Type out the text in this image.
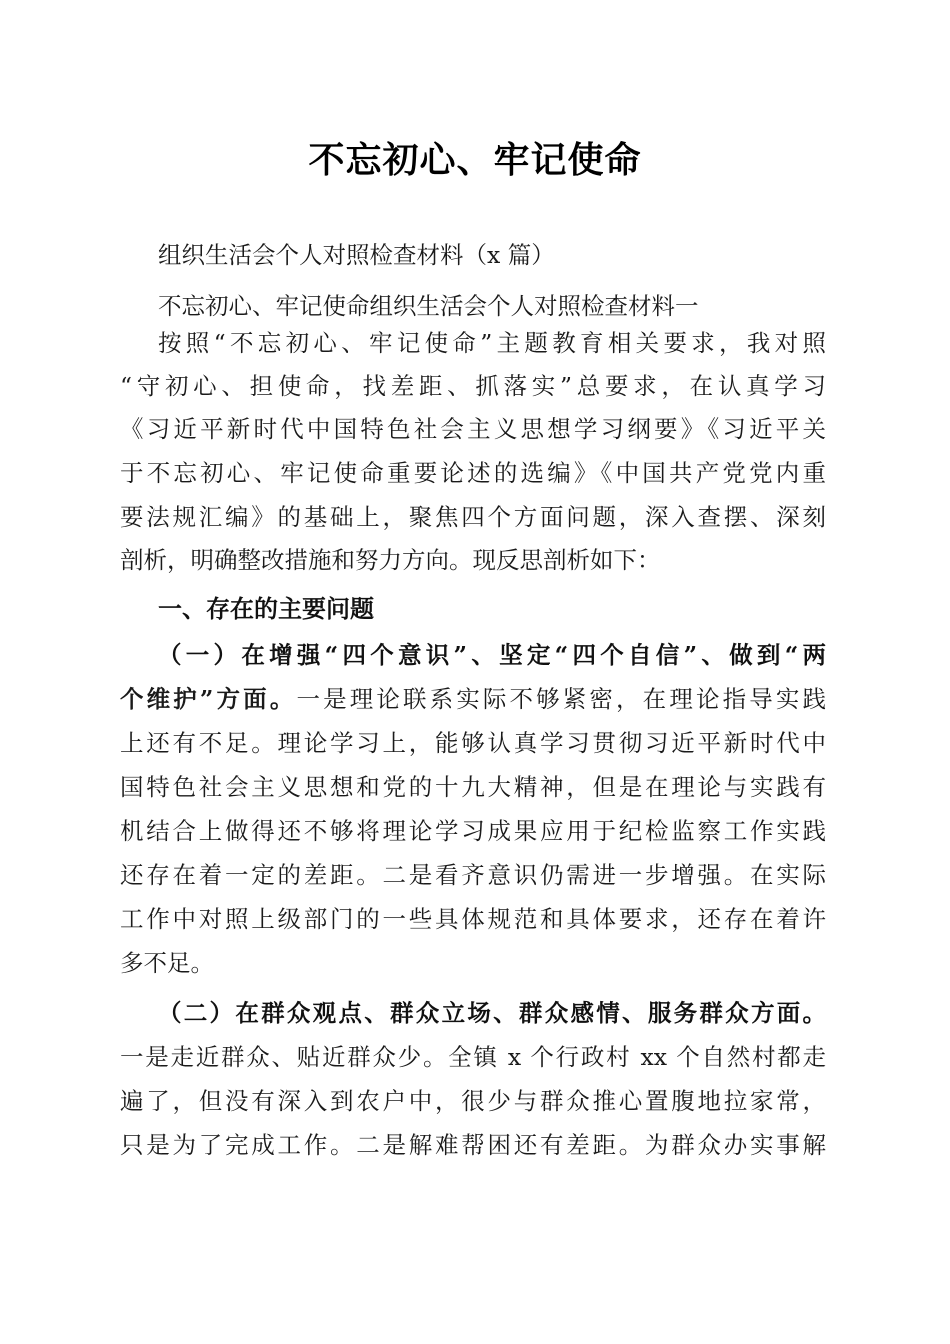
不忘初心、牢记使命
组织生活会个人对照检查材料（x 篇）
不忘初心、牢记使命组织生活会个人对照检查材料一
按照“不忘初心、牢记使命”主题教育相关要求，我对照
“守初心、担使命，找差距、抓落实”总要求，在认真学习
《习近平新时代中国特色社会主义思想学习纲要》《习近平关
于不忘初心、牢记使命重要论述的选编》《中国共产党党内重
要法规汇编》的基础上，聚焦四个方面问题，深入查摆、深刻
剖析，明确整改措施和努力方向。现反思剖析如下：
一、存在的主要问题
（一）在增强“四个意识”、坚定“四个自信”、做到“两
个维护”方面。一是理论联系实际不够紧密，在理论指导实践
上还有不足。理论学习上，能够认真学习贯彻习近平新时代中
国特色社会主义思想和党的十九大精神，但是在理论与实践有
机结合上做得还不够将理论学习成果应用于纪检监察工作实践
还存在着一定的差距。二是看齐意识仍需进一步增强。在实际
工作中对照上级部门的一些具体规范和具体要求，还存在着许
多不足。
（二）在群众观点、群众立场、群众感情、服务群众方面。
一是走近群众、贴近群众少。全镇 x 个行政村 xx 个自然村都走
遍了，但没有深入到农户中，很少与群众推心置腹地拉家常，
只是为了完成工作。二是解难帮困还有差距。为群众办实事解
